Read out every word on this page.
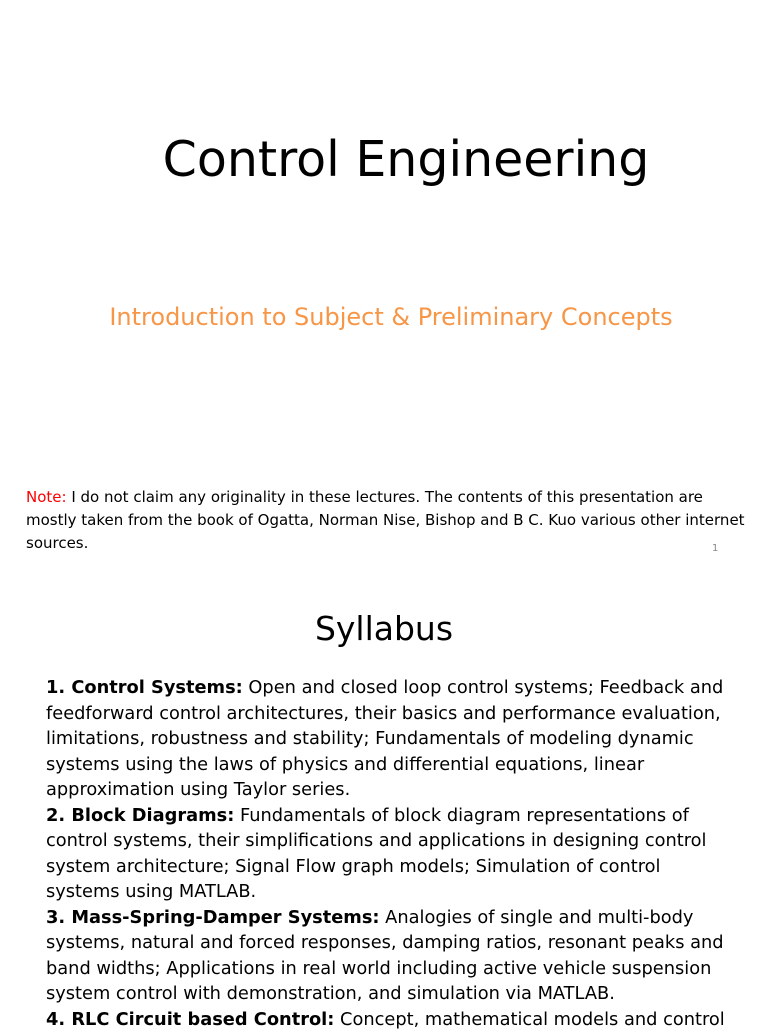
Control Engineering

Introduction to Subject & Preliminary Concepts

Note: I do not claim any originality in these lectures. The contents of this presentation are mostly taken from the book of Ogatta, Norman Nise, Bishop and B C. Kuo various other internet sources.	1
Syllabus
1. Control Systems: Open and closed loop control systems; Feedback and feedforward control architectures, their basics and performance evaluation, limitations, robustness and stability; Fundamentals of modeling dynamic systems using the laws of physics and differential equations, linear approximation using Taylor series.
2. Block Diagrams: Fundamentals of block diagram representations of control systems, their simplifications and applications in designing control system architecture; Signal Flow graph models; Simulation of control systems using MATLAB.
3. Mass-Spring-Damper Systems: Analogies of single and multi-body systems, natural and forced responses, damping ratios, resonant peaks and band widths; Applications in real world including active vehicle suspension system control with demonstration, and simulation via MATLAB.
4. RLC Circuit based Control: Concept, mathematical models and control
